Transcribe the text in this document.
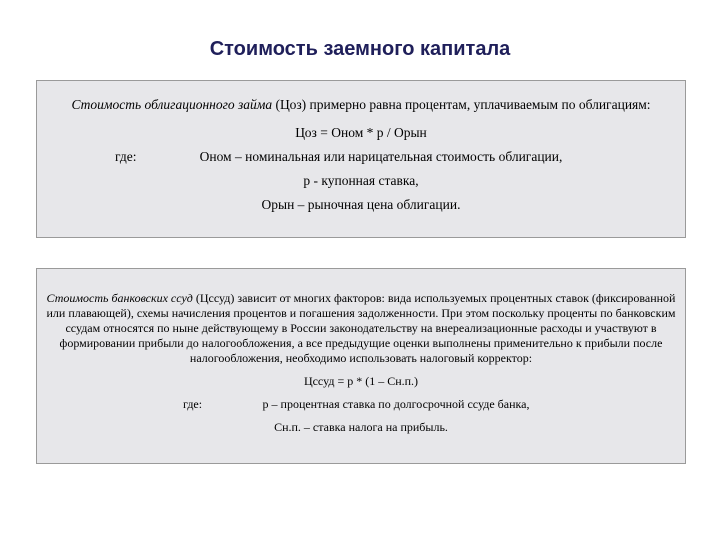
Стоимость заемного капитала
Стоимость облигационного займа (Цоз) примерно равна процентам, уплачиваемым по облигациям:
Цоз = Оном * р / Орын
где:	Оном – номинальная или нарицательная стоимость облигации,
р - купонная ставка,
Орын – рыночная цена облигации.
Стоимость банковских ссуд (Цссуд) зависит от многих факторов: вида используемых процентных ставок (фиксированной или плавающей), схемы начисления процентов и погашения задолженности. При этом поскольку проценты по банковским ссудам относятся по ныне действующему в России законодательству на внереализационные расходы и участвуют в формировании прибыли до налогообложения, а все предыдущие оценки выполнены применительно к прибыли после налогообложения, необходимо использовать налоговый корректор:
Цссуд = р * (1 – Сн.п.)
где:	р – процентная ставка по долгосрочной ссуде банка,
Сн.п. – ставка налога на прибыль.
